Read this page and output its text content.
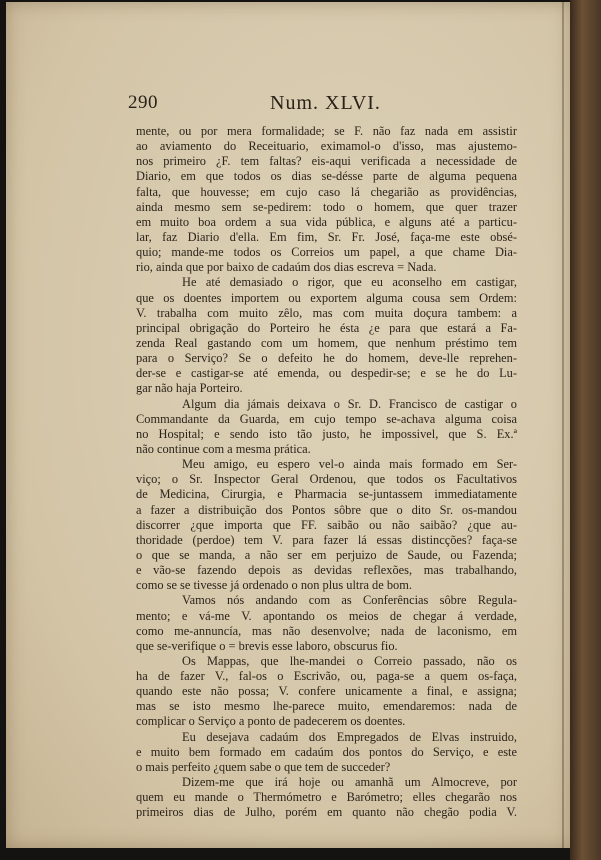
290	Num. XLVI.
mente, ou por mera formalidade; se F. não faz nada em assistir
ao aviamento do Receituario, eximamol-o d'isso, mas ajustemo-
nos primeiro ¿F. tem faltas? eis-aqui verificada a necessidade de
Diario, em que todos os dias se-désse parte de alguma pequena
falta, que houvesse; em cujo caso lá chegarião as providências,
ainda mesmo sem se-pedirem: todo o homem, que quer trazer
em muito boa ordem a sua vida pública, e alguns até a particu-
lar, faz Diario d'ella. Em fim, Sr. Fr. José, faça-me este obsé-
quio; mande-me todos os Correios um papel, a que chame Dia-
rio, ainda que por baixo de cadaúm dos dias escreva = Nada.
He até demasiado o rigor, que eu aconselho em castigar,
que os doentes importem ou exportem alguma cousa sem Ordem:
V. trabalha com muito zêlo, mas com muita doçura tambem: a
principal obrigação do Porteiro he ésta ¿e para que estará a Fa-
zenda Real gastando com um homem, que nenhum préstimo tem
para o Serviço? Se o defeito he do homem, deve-lle reprehen-
der-se e castigar-se até emenda, ou despedir-se; e se he do Lu-
gar não haja Porteiro.
Algum dia jámais deixava o Sr. D. Francisco de castigar o
Commandante da Guarda, em cujo tempo se-achava alguma coisa
no Hospital; e sendo isto tão justo, he impossivel, que S. Ex.ª
não continue com a mesma prática.
Meu amigo, eu espero vel-o ainda mais formado em Ser-
viço; o Sr. Inspector Geral Ordenou, que todos os Facultativos
de Medicina, Cirurgia, e Pharmacia se-juntassem immediatamente
a fazer a distribuição dos Pontos sôbre que o dito Sr. os-mandou
discorrer ¿que importa que FF. saibão ou não saibão? ¿que au-
thoridade (perdoe) tem V. para fazer lá essas distincções? faça-se
o que se manda, a não ser em perjuizo de Saude, ou Fazenda;
e vão-se fazendo depois as devidas reflexões, mas trabalhando,
como se se tivesse já ordenado o non plus ultra de bom.
Vamos nós andando com as Conferências sôbre Regula-
mento; e vá-me V. apontando os meios de chegar á verdade,
como me-annuncía, mas não desenvolve; nada de laconismo, em
que se-verifique o = brevis esse laboro, obscurus fio.
Os Mappas, que lhe-mandei o Correio passado, não os
ha de fazer V., fal-os o Escrivão, ou, paga-se a quem os-faça,
quando este não possa; V. confere unicamente a final, e assigna;
mas se isto mesmo lhe-parece muito, emendaremos: nada de
complicar o Serviço a ponto de padecerem os doentes.
Eu desejava cadaúm dos Empregados de Elvas instruido,
e muito bem formado em cadaúm dos pontos do Serviço, e este
o mais perfeito ¿quem sabe o que tem de succeder?
Dizem-me que irá hoje ou amanhã um Almocreve, por
quem eu mande o Thermómetro e Barómetro; elles chegarão nos
primeiros dias de Julho, porém em quanto não chegão podia V.
